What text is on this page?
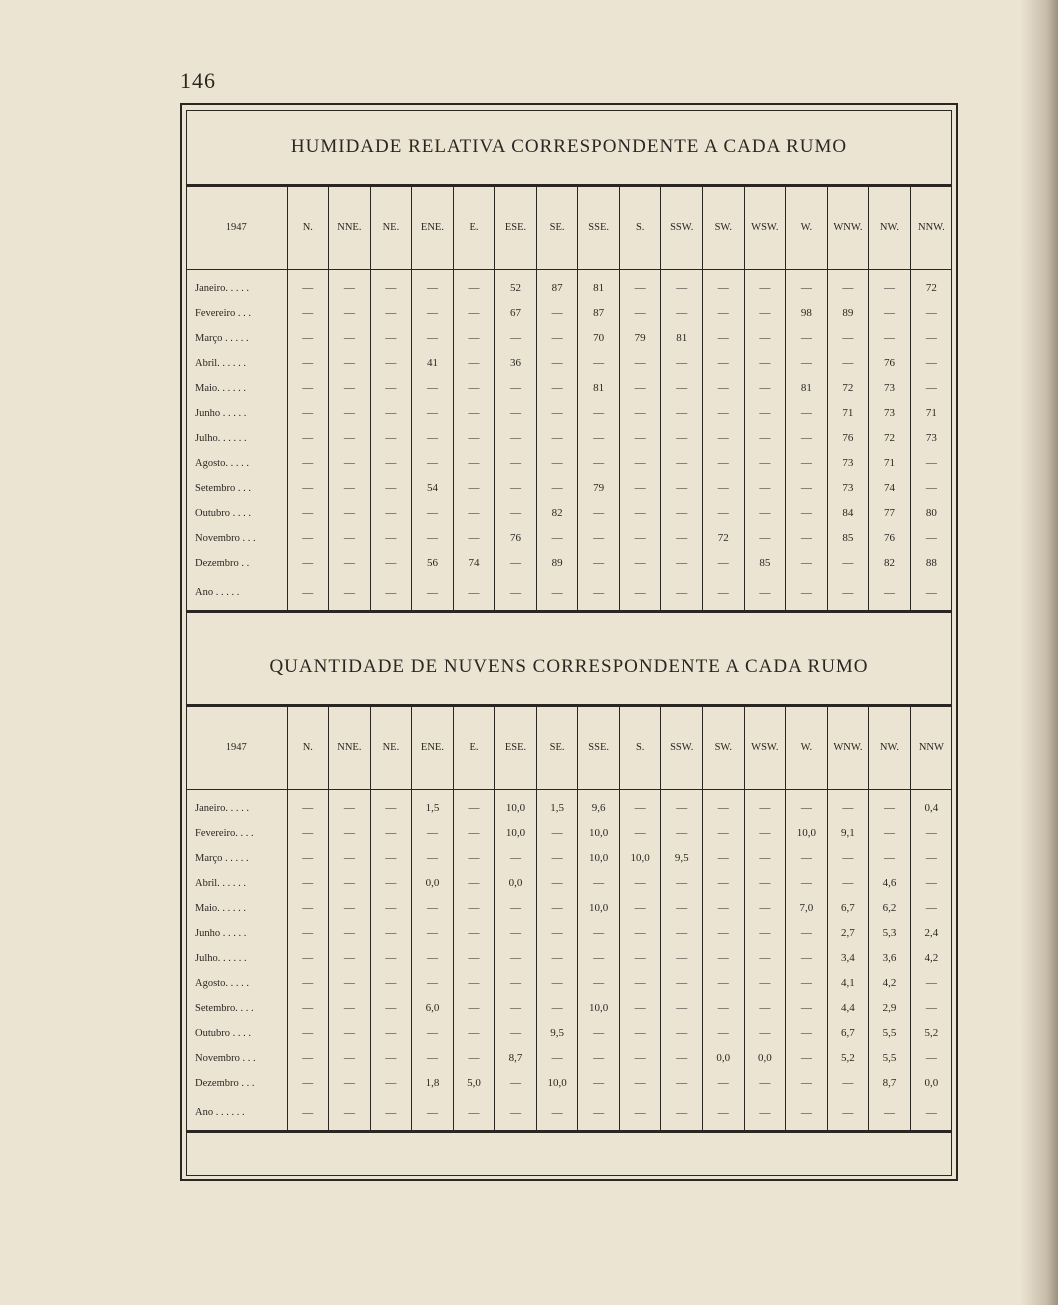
146
HUMIDADE RELATIVA CORRESPONDENTE A CADA RUMO
1947	N.	NNE.	NE.	ENE.	E.	ESE.	SE.	SSE.	S.	SSW.	SW.	WSW.	W.	WNW.	NW.	NNW.
Janeiro. . . . .	—	—	—	—	—	52	87	81	—	—	—	—	—	—	—	72
Fevereiro . . .	—	—	—	—	—	67	—	87	—	—	—	—	98	89	—	—
Março . . . . .	—	—	—	—	—	—	—	70	79	81	—	—	—	—	—	—
Abril. . . . . .	—	—	—	41	—	36	—	—	—	—	—	—	—	—	76	—
Maio. . . . . .	—	—	—	—	—	—	—	81	—	—	—	—	81	72	73	—
Junho . . . . .	—	—	—	—	—	—	—	—	—	—	—	—	—	71	73	71
Julho. . . . . .	—	—	—	—	—	—	—	—	—	—	—	—	—	76	72	73
Agosto. . . . .	—	—	—	—	—	—	—	—	—	—	—	—	—	73	71	—
Setembro . . .	—	—	—	54	—	—	—	79	—	—	—	—	—	73	74	—
Outubro . . . .	—	—	—	—	—	—	82	—	—	—	—	—	—	84	77	80
Novembro . . .	—	—	—	—	—	76	—	—	—	—	72	—	—	85	76	—
Dezembro . .	—	—	—	56	74	—	89	—	—	—	—	85	—	—	82	88
Ano . . . . .	—	—	—	—	—	—	—	—	—	—	—	—	—	—	—	—
QUANTIDADE DE NUVENS CORRESPONDENTE A CADA RUMO
1947	N.	NNE.	NE.	ENE.	E.	ESE.	SE.	SSE.	S.	SSW.	SW.	WSW.	W.	WNW.	NW.	NNW
Janeiro. . . . .	—	—	—	1,5	—	10,0	1,5	9,6	—	—	—	—	—	—	—	0,4
Fevereiro. . . .	—	—	—	—	—	10,0	—	10,0	—	—	—	—	10,0	9,1	—	—
Março . . . . .	—	—	—	—	—	—	—	10,0	10,0	9,5	—	—	—	—	—	—
Abril. . . . . .	—	—	—	0,0	—	0,0	—	—	—	—	—	—	—	—	4,6	—
Maio. . . . . .	—	—	—	—	—	—	—	10,0	—	—	—	—	7,0	6,7	6,2	—
Junho . . . . .	—	—	—	—	—	—	—	—	—	—	—	—	—	2,7	5,3	2,4
Julho. . . . . .	—	—	—	—	—	—	—	—	—	—	—	—	—	3,4	3,6	4,2
Agosto. . . . .	—	—	—	—	—	—	—	—	—	—	—	—	—	4,1	4,2	—
Setembro. . . .	—	—	—	6,0	—	—	—	10,0	—	—	—	—	—	4,4	2,9	—
Outubro . . . .	—	—	—	—	—	—	9,5	—	—	—	—	—	—	6,7	5,5	5,2
Novembro . . .	—	—	—	—	—	8,7	—	—	—	—	0,0	0,0	—	5,2	5,5	—
Dezembro . . .	—	—	—	1,8	5,0	—	10,0	—	—	—	—	—	—	—	8,7	0,0
Ano . . . . . .	—	—	—	—	—	—	—	—	—	—	—	—	—	—	—	—
